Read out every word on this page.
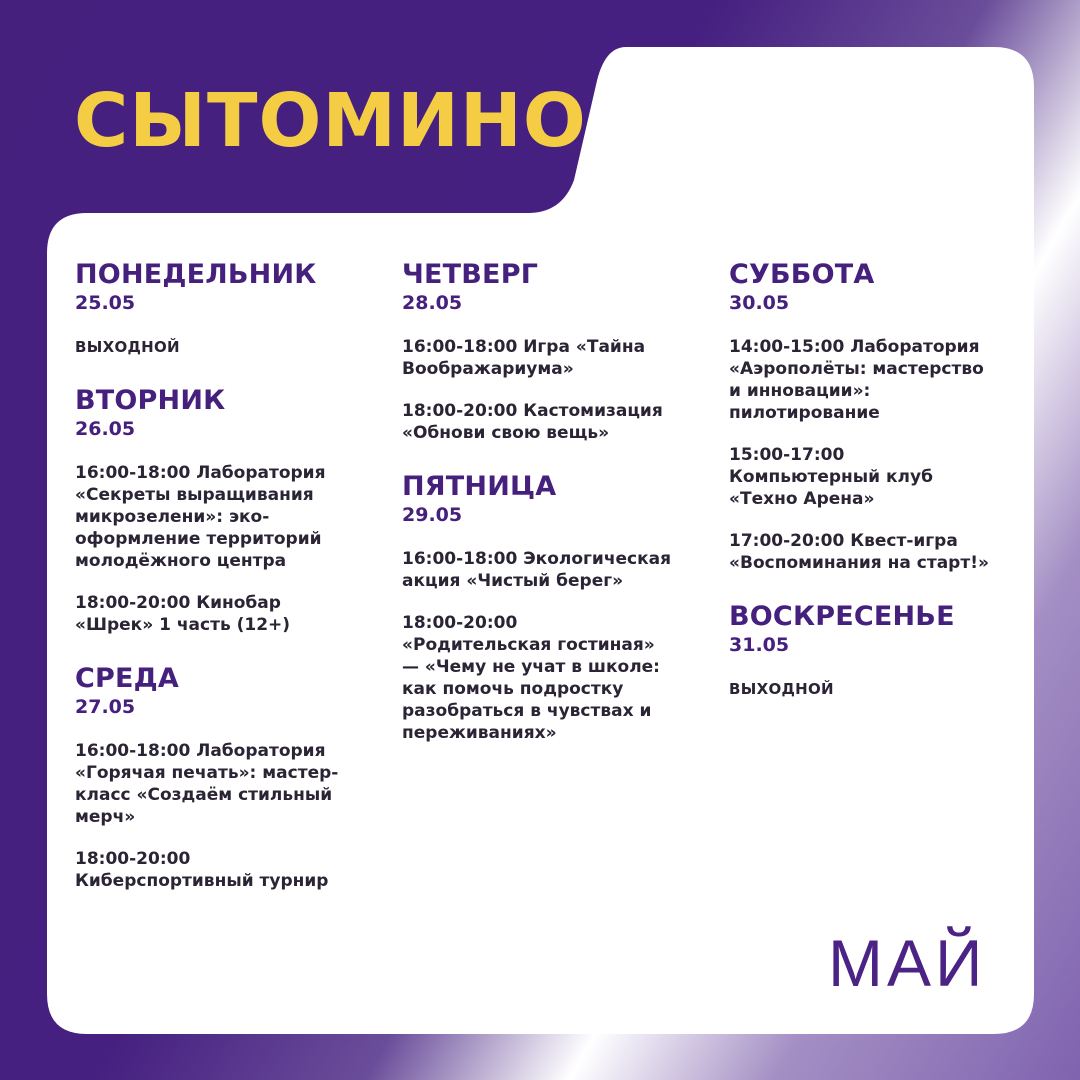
СЫТОМИНО
ПОНЕДЕЛЬНИК
25.05
ВЫХОДНОЙ
ВТОРНИК
26.05
16:00-18:00 Лаборатория
«Секреты выращивания
микрозелени»: эко-
оформление территорий
молодёжного центра
18:00-20:00 Кинобар
«Шрек» 1 часть (12+)
СРЕДА
27.05
16:00-18:00 Лаборатория
«Горячая печать»: мастер-
класс «Создаём стильный
мерч»
18:00-20:00
Киберспортивный турнир
ЧЕТВЕРГ
28.05
16:00-18:00 Игра «Тайна
Воображариума»
18:00-20:00 Кастомизация
«Обнови свою вещь»
ПЯТНИЦА
29.05
16:00-18:00 Экологическая
акция «Чистый берег»
18:00-20:00
«Родительская гостиная»
— «Чему не учат в школе:
как помочь подростку
разобраться в чувствах и
переживаниях»
СУББОТА
30.05
14:00-15:00 Лаборатория
«Аэрополёты: мастерство
и инновации»:
пилотирование
15:00-17:00
Компьютерный клуб
«Техно Арена»
17:00-20:00 Квест-игра
«Воспоминания на старт!»
ВОСКРЕСЕНЬЕ
31.05
ВЫХОДНОЙ

МАЙ
